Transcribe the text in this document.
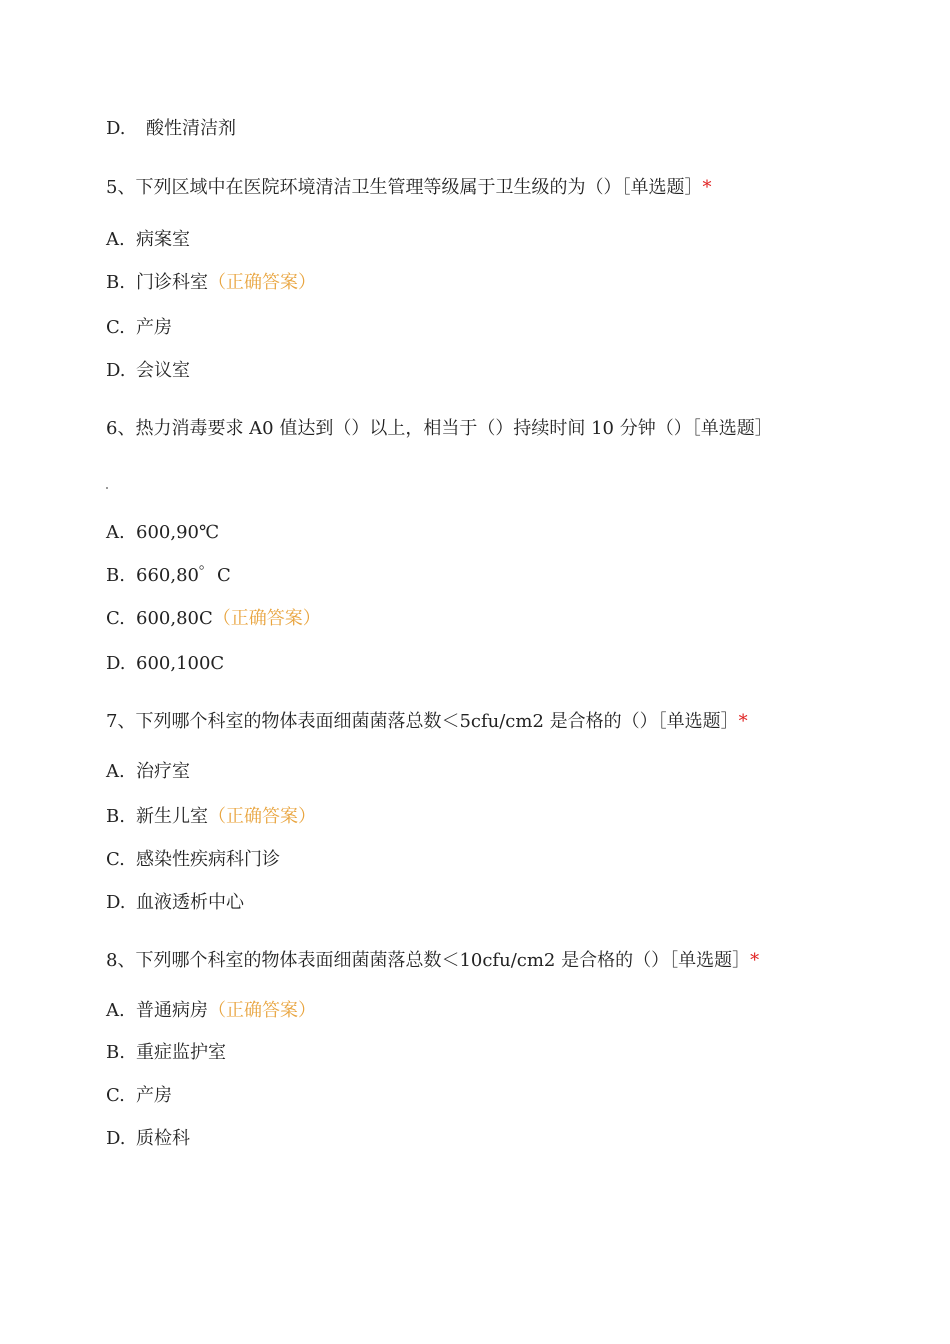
D. 酸性清洁剂
5、下列区域中在医院环境清洁卫生管理等级属于卫生级的为（）［单选题］*
A. 病案室
B. 门诊科室（正确答案）
C. 产房
D. 会议室
6、热力消毒要求 A0 值达到（）以上，相当于（）持续时间 10 分钟（）［单选题］
A. 600,90℃
B. 660,80゜C
C. 600,80C（正确答案）
D. 600,100C
7、下列哪个科室的物体表面细菌菌落总数＜5cfu/cm2 是合格的（）［单选题］*
A. 治疗室
B. 新生儿室（正确答案）
C. 感染性疾病科门诊
D. 血液透析中心
8、下列哪个科室的物体表面细菌菌落总数＜10cfu/cm2 是合格的（）［单选题］*
A. 普通病房（正确答案）
B. 重症监护室
C. 产房
D. 质检科
